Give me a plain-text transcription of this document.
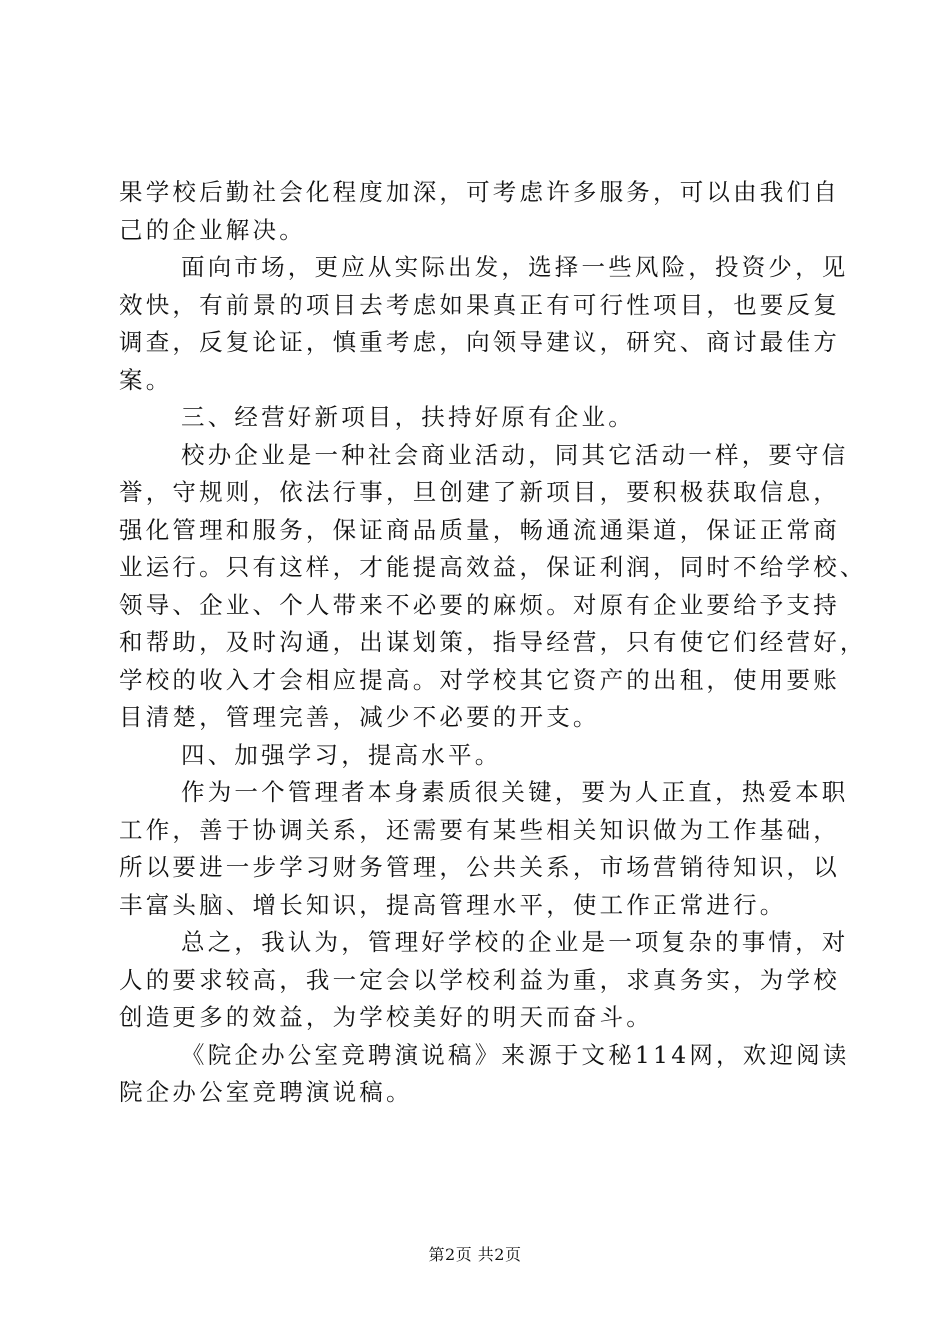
果学校后勤社会化程度加深，可考虑许多服务，可以由我们自
己的企业解决。
面向市场，更应从实际出发，选择一些风险，投资少，见
效快，有前景的项目去考虑如果真正有可行性项目，也要反复
调查，反复论证，慎重考虑，向领导建议，研究、商讨最佳方
案。
三、经营好新项目，扶持好原有企业。
校办企业是一种社会商业活动，同其它活动一样，要守信
誉，守规则，依法行事，旦创建了新项目，要积极获取信息，
强化管理和服务，保证商品质量，畅通流通渠道，保证正常商
业运行。只有这样，才能提高效益，保证利润，同时不给学校、
领导、企业、个人带来不必要的麻烦。对原有企业要给予支持
和帮助，及时沟通，出谋划策，指导经营，只有使它们经营好，
学校的收入才会相应提高。对学校其它资产的出租，使用要账
目清楚，管理完善，减少不必要的开支。
四、加强学习，提高水平。
作为一个管理者本身素质很关键，要为人正直，热爱本职
工作，善于协调关系，还需要有某些相关知识做为工作基础，
所以要进一步学习财务管理，公共关系，市场营销待知识，以
丰富头脑、增长知识，提高管理水平，使工作正常进行。
总之，我认为，管理好学校的企业是一项复杂的事情，对
人的要求较高，我一定会以学校利益为重，求真务实，为学校
创造更多的效益，为学校美好的明天而奋斗。
《院企办公室竞聘演说稿》来源于文秘114网，欢迎阅读
院企办公室竞聘演说稿。
第2页 共2页
